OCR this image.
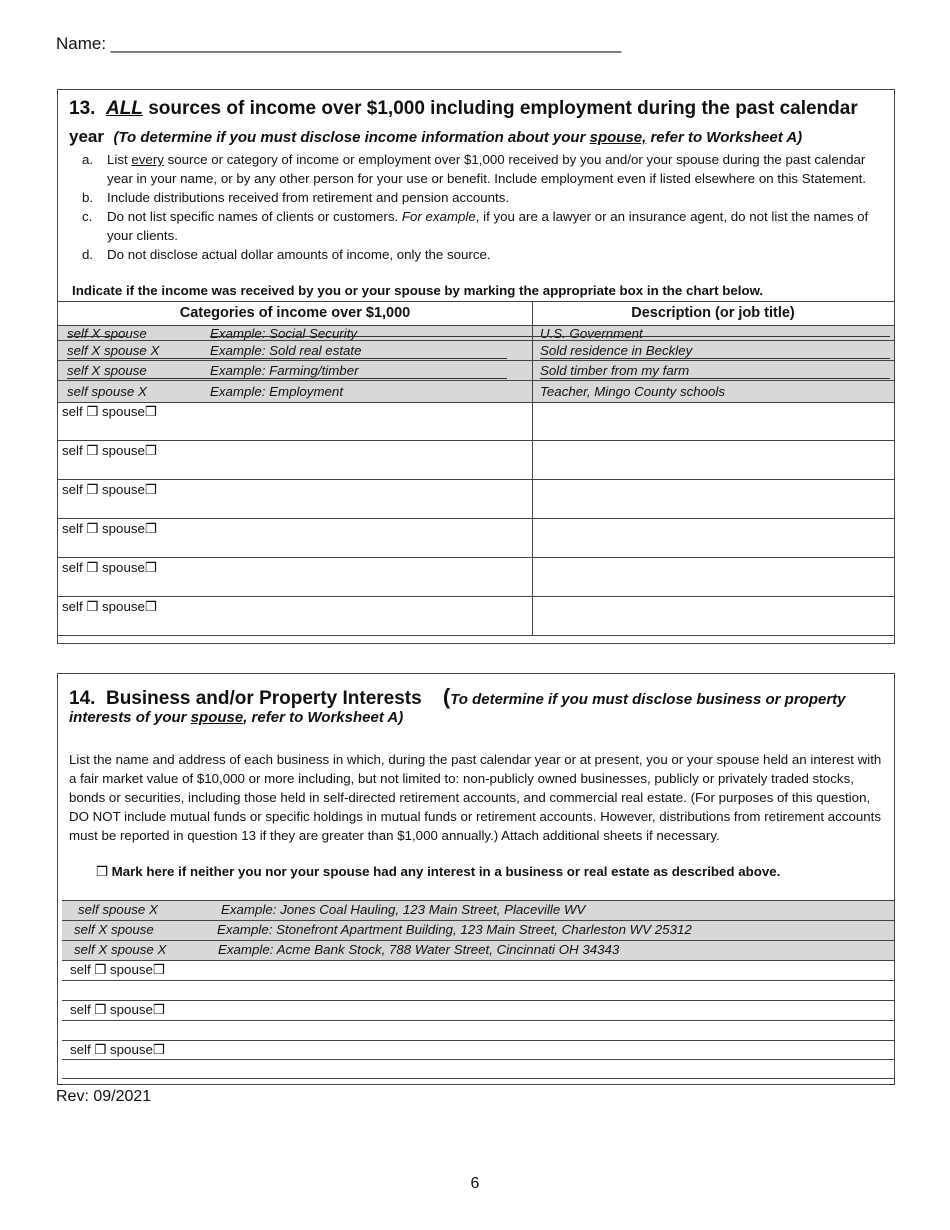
Name: ______________________________________________________
13. ALL sources of income over $1,000 including employment during the past calendar
year (To determine if you must disclose income information about your spouse, refer to Worksheet A)
a. List every source or category of income or employment over $1,000 received by you and/or your spouse during the past calendar year in your name, or by any other person for your use or benefit. Include employment even if listed elsewhere on this Statement.
b. Include distributions received from retirement and pension accounts.
c. Do not list specific names of clients or customers. For example, if you are a lawyer or an insurance agent, do not list the names of your clients.
d. Do not disclose actual dollar amounts of income, only the source.
Indicate if the income was received by you or your spouse by marking the appropriate box in the chart below.
Categories of income over $1,000	Description (or job title)
self X spouse	Example: Social Security	U.S. Government
self X spouse X	Example: Sold real estate	Sold residence in Beckley
self X spouse	Example: Farming/timber	Sold timber from my farm
self spouse X	Example: Employment	Teacher, Mingo County schools
self ❒ spouse❒
self ❒ spouse❒
self ❒ spouse❒
self ❒ spouse❒
self ❒ spouse❒
self ❒ spouse❒
14. Business and/or Property Interests (To determine if you must disclose business or property
interests of your spouse, refer to Worksheet A)
List the name and address of each business in which, during the past calendar year or at present, you or your spouse held an interest with a fair market value of $10,000 or more including, but not limited to: non-publicly owned businesses, publicly or privately traded stocks, bonds or securities, including those held in self-directed retirement accounts, and commercial real estate. (For purposes of this question, DO NOT include mutual funds or specific holdings in mutual funds or retirement accounts. However, distributions from retirement accounts must be reported in question 13 if they are greater than $1,000 annually.) Attach additional sheets if necessary.
❒ Mark here if neither you nor your spouse had any interest in a business or real estate as described above.
self spouse X	Example: Jones Coal Hauling, 123 Main Street, Placeville WV
self X spouse	Example: Stonefront Apartment Building, 123 Main Street, Charleston WV 25312
self X spouse X	Example: Acme Bank Stock, 788 Water Street, Cincinnati OH 34343
self ❒ spouse❒
self ❒ spouse❒
self ❒ spouse❒
Rev: 09/2021
6
